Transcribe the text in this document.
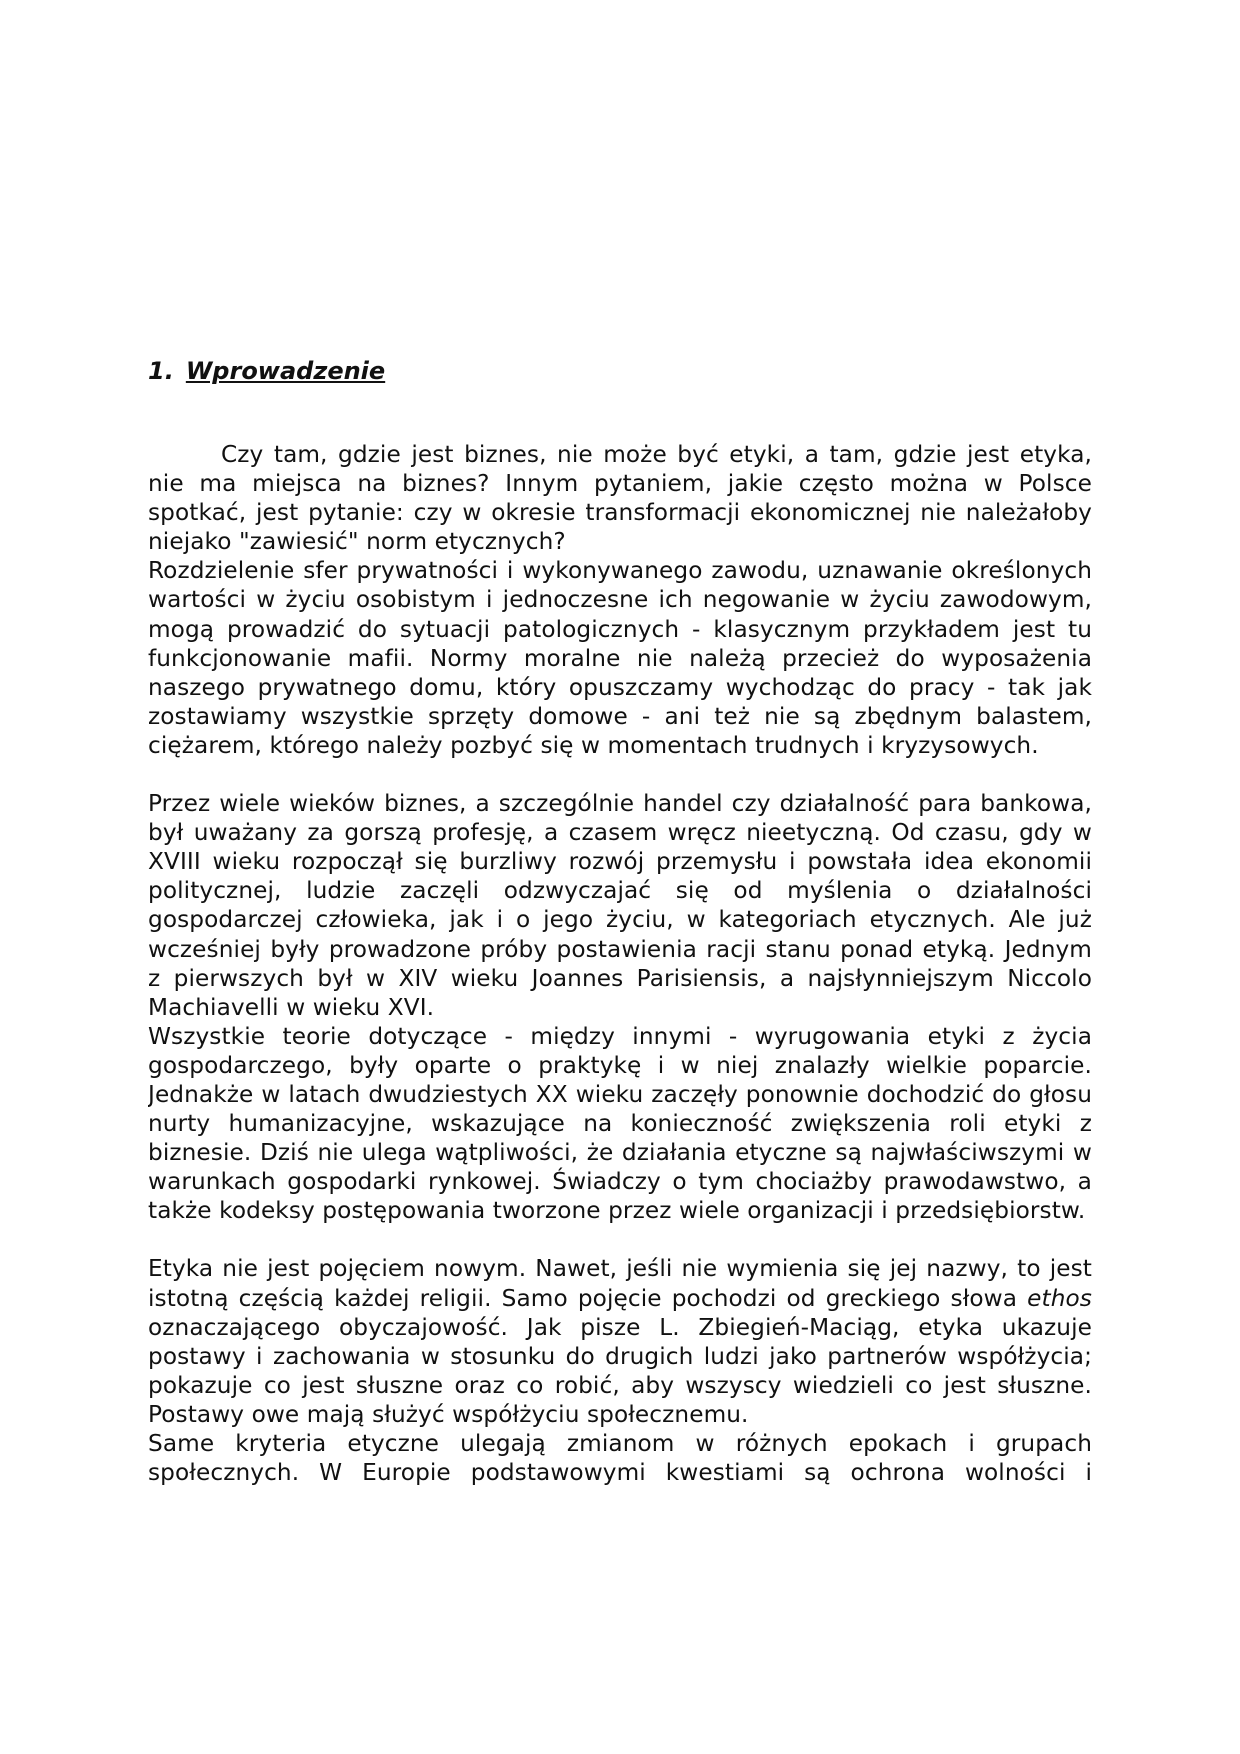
1. Wprowadzenie

Czy tam, gdzie jest biznes, nie może być etyki, a tam, gdzie jest etyka, nie ma miejsca na biznes? Innym pytaniem, jakie często można w Polsce spotkać, jest pytanie: czy w okresie transformacji ekonomicznej nie należałoby niejako "zawiesić" norm etycznych?

Rozdzielenie sfer prywatności i wykonywanego zawodu, uznawanie określonych wartości w życiu osobistym i jednoczesne ich negowanie w życiu zawodowym, mogą prowadzić do sytuacji patologicznych - klasycznym przykładem jest tu funkcjonowanie mafii. Normy moralne nie należą przecież do wyposażenia naszego prywatnego domu, który opuszczamy wychodząc do pracy - tak jak zostawiamy wszystkie sprzęty domowe - ani też nie są zbędnym balastem, ciężarem, którego należy pozbyć się w momentach trudnych i kryzysowych.

Przez wiele wieków biznes, a szczególnie handel czy działalność para bankowa, był uważany za gorszą profesję, a czasem wręcz nieetyczną. Od czasu, gdy w XVIII wieku rozpoczął się burzliwy rozwój przemysłu i powstała idea ekonomii politycznej, ludzie zaczęli odzwyczajać się od myślenia o działalności gospodarczej człowieka, jak i o jego życiu, w kategoriach etycznych. Ale już wcześniej były prowadzone próby postawienia racji stanu ponad etyką. Jednym z pierwszych był w XIV wieku Joannes Parisiensis, a najsłynniejszym Niccolo Machiavelli w wieku XVI.

Wszystkie teorie dotyczące - między innymi - wyrugowania etyki z życia gospodarczego, były oparte o praktykę i w niej znalazły wielkie poparcie. Jednakże w latach dwudziestych XX wieku zaczęły ponownie dochodzić do głosu nurty humanizacyjne, wskazujące na konieczność zwiększenia roli etyki z biznesie. Dziś nie ulega wątpliwości, że działania etyczne są najwłaściwszymi w warunkach gospodarki rynkowej. Świadczy o tym chociażby prawodawstwo, a także kodeksy postępowania tworzone przez wiele organizacji i przedsiębiorstw.

Etyka nie jest pojęciem nowym. Nawet, jeśli nie wymienia się jej nazwy, to jest istotną częścią każdej religii. Samo pojęcie pochodzi od greckiego słowa ethos oznaczającego obyczajowość. Jak pisze L. Zbiegień-Maciąg, etyka ukazuje postawy i zachowania w stosunku do drugich ludzi jako partnerów współżycia; pokazuje co jest słuszne oraz co robić, aby wszyscy wiedzieli co jest słuszne. Postawy owe mają służyć współżyciu społecznemu.

Same kryteria etyczne ulegają zmianom w różnych epokach i grupach społecznych. W Europie podstawowymi kwestiami są ochrona wolności i
